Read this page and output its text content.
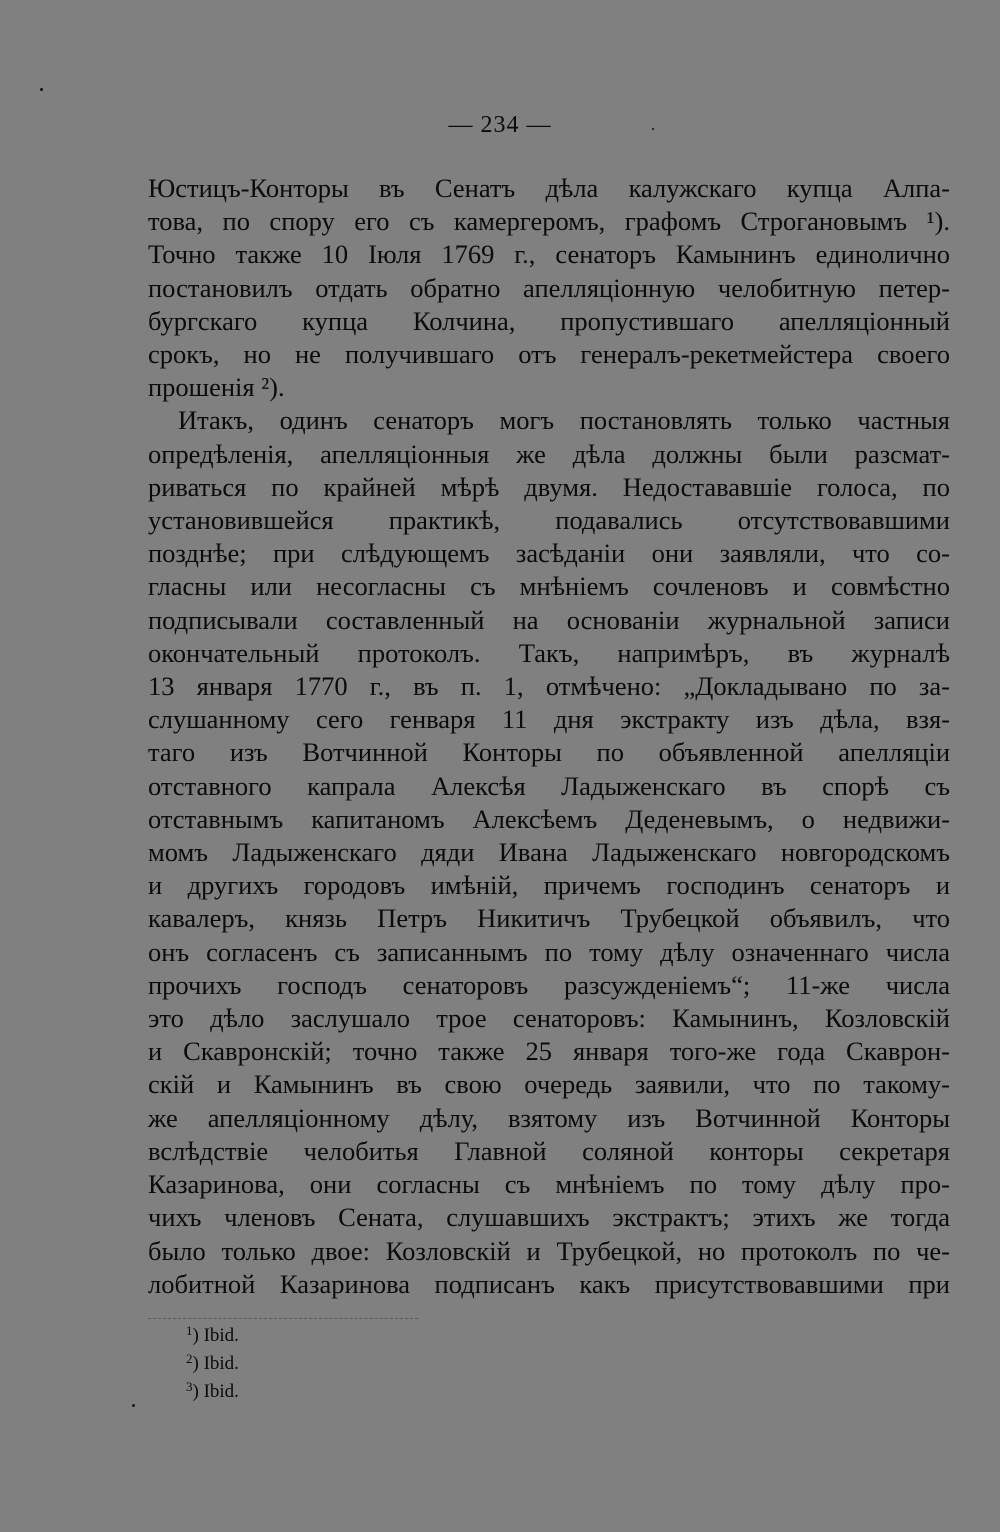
— 234 —
Юстицъ-Конторы въ Сенатъ дѣла калужскаго купца Алпа-
това, по спору его съ камергеромъ, графомъ Строгановымъ ¹).
Точно также 10 Іюля 1769 г., сенаторъ Камынинъ единолично
постановилъ отдать обратно апелляціонную челобитную петер-
бургскаго купца Колчина, пропустившаго апелляціонный
срокъ, но не получившаго отъ генералъ-рекетмейстера своего
прошенія ²).
Итакъ, одинъ сенаторъ могъ постановлять только частныя
опредѣленія, апелляціонныя же дѣла должны были разсмат-
риваться по крайней мѣрѣ двумя. Недостававшіе голоса, по
установившейся практикѣ, подавались отсутствовавшими
позднѣе; при слѣдующемъ засѣданіи они заявляли, что со-
гласны или несогласны съ мнѣніемъ сочленовъ и совмѣстно
подписывали составленный на основаніи журнальной записи
окончательный протоколъ. Такъ, напримѣръ, въ журналѣ
13 января 1770 г., въ п. 1, отмѣчено: „Докладывано по за-
слушанному сего генваря 11 дня экстракту изъ дѣла, взя-
таго изъ Вотчинной Конторы по объявленной апелляціи
отставного капрала Алексѣя Ладыженскаго въ спорѣ съ
отставнымъ капитаномъ Алексѣемъ Деденевымъ, о недвижи-
момъ Ладыженскаго дяди Ивана Ладыженскаго новгородскомъ
и другихъ городовъ имѣній, причемъ господинъ сенаторъ и
кавалеръ, князь Петръ Никитичъ Трубецкой объявилъ, что
онъ согласенъ съ записаннымъ по тому дѣлу означеннаго числа
прочихъ господъ сенаторовъ разсужденіемъ“; 11-же числа
это дѣло заслушало трое сенаторовъ: Камынинъ, Козловскій
и Скавронскій; точно также 25 января того-же года Скаврон-
скій и Камынинъ въ свою очередь заявили, что по такому-
же апелляціонному дѣлу, взятому изъ Вотчинной Конторы
вслѣдствіе челобитья Главной соляной конторы секретаря
Казаринова, они согласны съ мнѣніемъ по тому дѣлу про-
чихъ членовъ Сената, слушавшихъ экстрактъ; этихъ же тогда
было только двое: Козловскій и Трубецкой, но протоколъ по че-
лобитной Казаринова подписанъ какъ присутствовавшими при
$^1$) Ibid.
$^2$) Ibid.
$^3$) Ibid.
